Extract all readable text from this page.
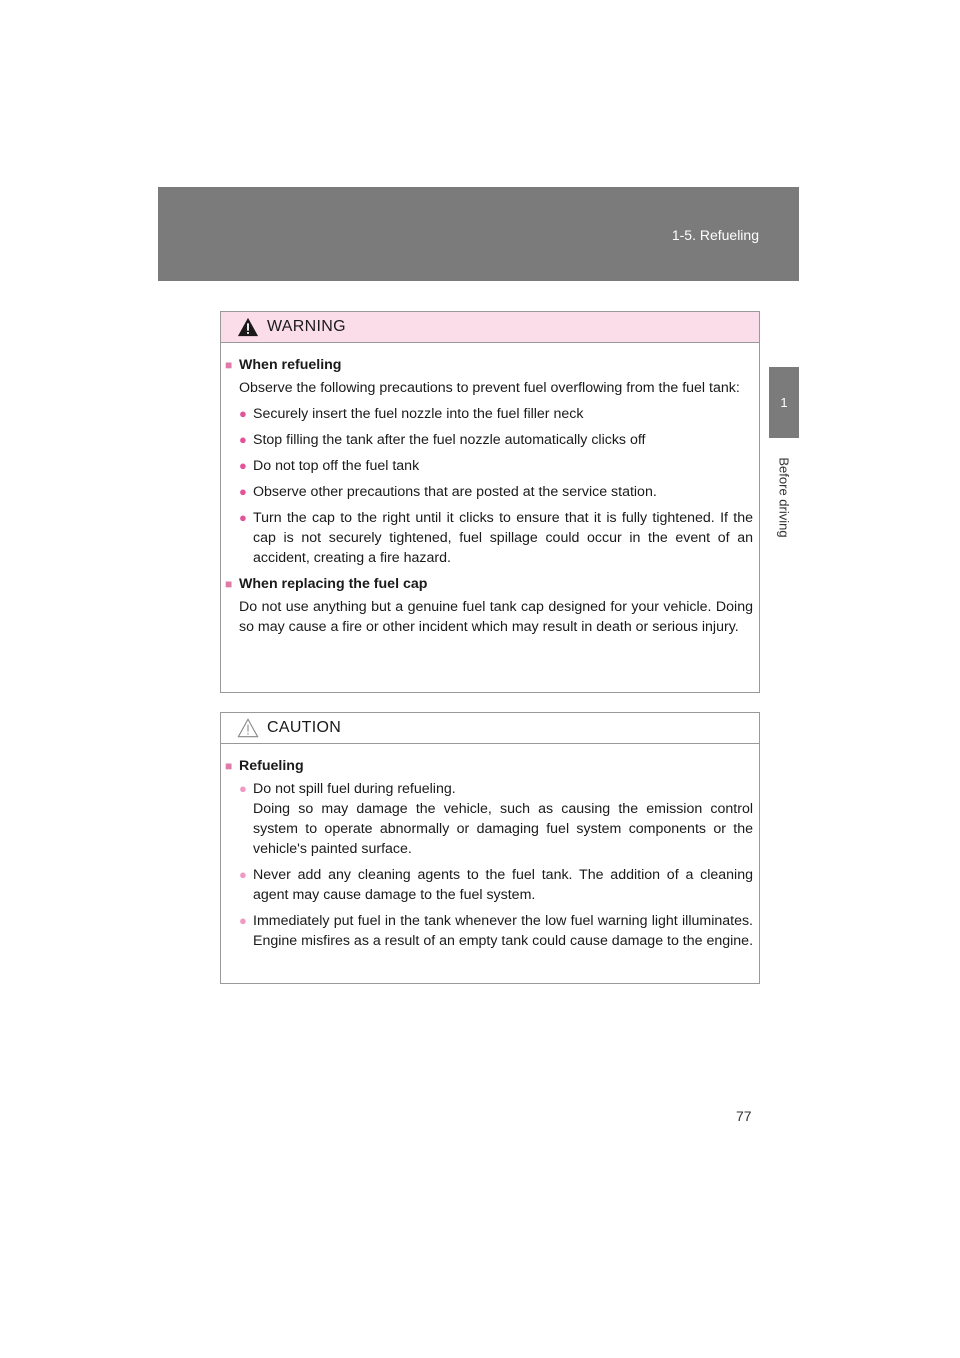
1-5. Refueling
1
Before driving
WARNING
■ When refueling
Observe the following precautions to prevent fuel overflowing from the fuel tank:
● Securely insert the fuel nozzle into the fuel filler neck
● Stop filling the tank after the fuel nozzle automatically clicks off
● Do not top off the fuel tank
● Observe other precautions that are posted at the service station.
● Turn the cap to the right until it clicks to ensure that it is fully tightened. If the cap is not securely tightened, fuel spillage could occur in the event of an accident, creating a fire hazard.
■ When replacing the fuel cap
Do not use anything but a genuine fuel tank cap designed for your vehicle. Doing so may cause a fire or other incident which may result in death or serious injury.
CAUTION
■ Refueling
● Do not spill fuel during refueling.
Doing so may damage the vehicle, such as causing the emission control system to operate abnormally or damaging fuel system components or the vehicle's painted surface.
● Never add any cleaning agents to the fuel tank. The addition of a cleaning agent may cause damage to the fuel system.
● Immediately put fuel in the tank whenever the low fuel warning light illuminates. Engine misfires as a result of an empty tank could cause damage to the engine.
77
